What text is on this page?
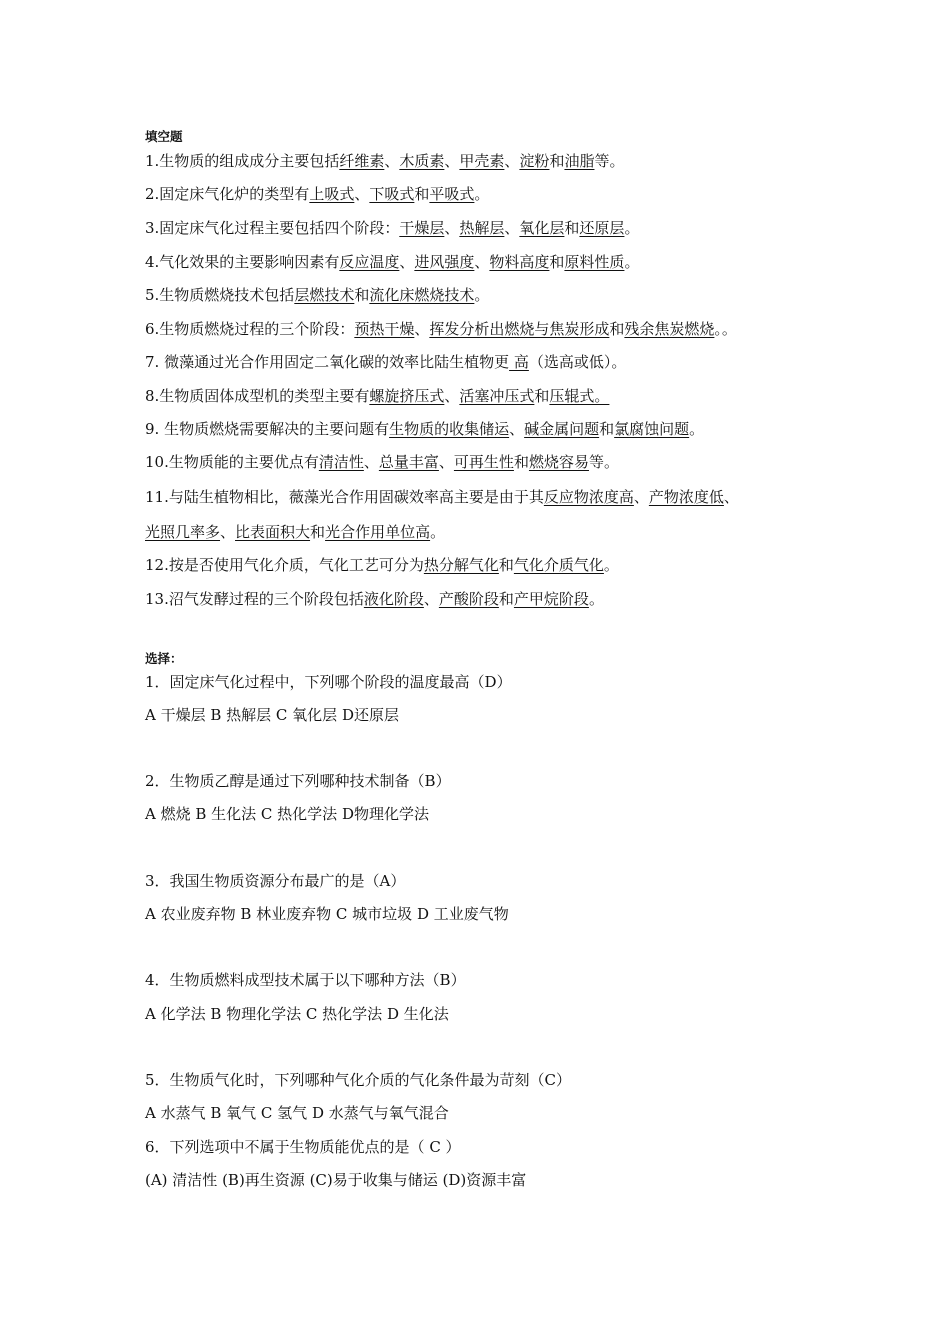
填空题
1.生物质的组成成分主要包括纤维素、木质素、甲壳素、淀粉和油脂等。
2.固定床气化炉的类型有上吸式、下吸式和平吸式。
3.固定床气化过程主要包括四个阶段：干燥层、热解层、氧化层和还原层。
4.气化效果的主要影响因素有反应温度、进风强度、物料高度和原料性质。
5.生物质燃烧技术包括层燃技术和流化床燃烧技术。
6.生物质燃烧过程的三个阶段：预热干燥、挥发分析出燃烧与焦炭形成和残余焦炭燃烧。。
7. 微藻通过光合作用固定二氧化碳的效率比陆生植物更 高（选高或低）。
8.生物质固体成型机的类型主要有螺旋挤压式、活塞冲压式和压辊式。
9. 生物质燃烧需要解决的主要问题有生物质的收集储运、碱金属问题和氯腐蚀问题。
10.生物质能的主要优点有清洁性、总量丰富、可再生性和燃烧容易等。
11.与陆生植物相比，薇藻光合作用固碳效率高主要是由于其反应物浓度高、产物浓度低、
光照几率多、比表面积大和光合作用单位高。
12.按是否使用气化介质，气化工艺可分为热分解气化和气化介质气化。
13.沼气发酵过程的三个阶段包括液化阶段、产酸阶段和产甲烷阶段。
选择：
1．固定床气化过程中，下列哪个阶段的温度最高（D）
A 干燥层 B 热解层 C 氧化层 D还原层
2．生物质乙醇是通过下列哪种技术制备（B）
A 燃烧 B 生化法 C 热化学法 D物理化学法
3．我国生物质资源分布最广的是（A）
A 农业废弃物 B 林业废弃物 C 城市垃圾 D 工业废气物
4．生物质燃料成型技术属于以下哪种方法（B）
A 化学法 B 物理化学法 C 热化学法 D 生化法
5．生物质气化时，下列哪种气化介质的气化条件最为苛刻（C）
A 水蒸气 B 氧气 C 氢气 D 水蒸气与氧气混合
6．下列选项中不属于生物质能优点的是（ C ）
(A) 清洁性 (B)再生资源 (C)易于收集与储运 (D)资源丰富
